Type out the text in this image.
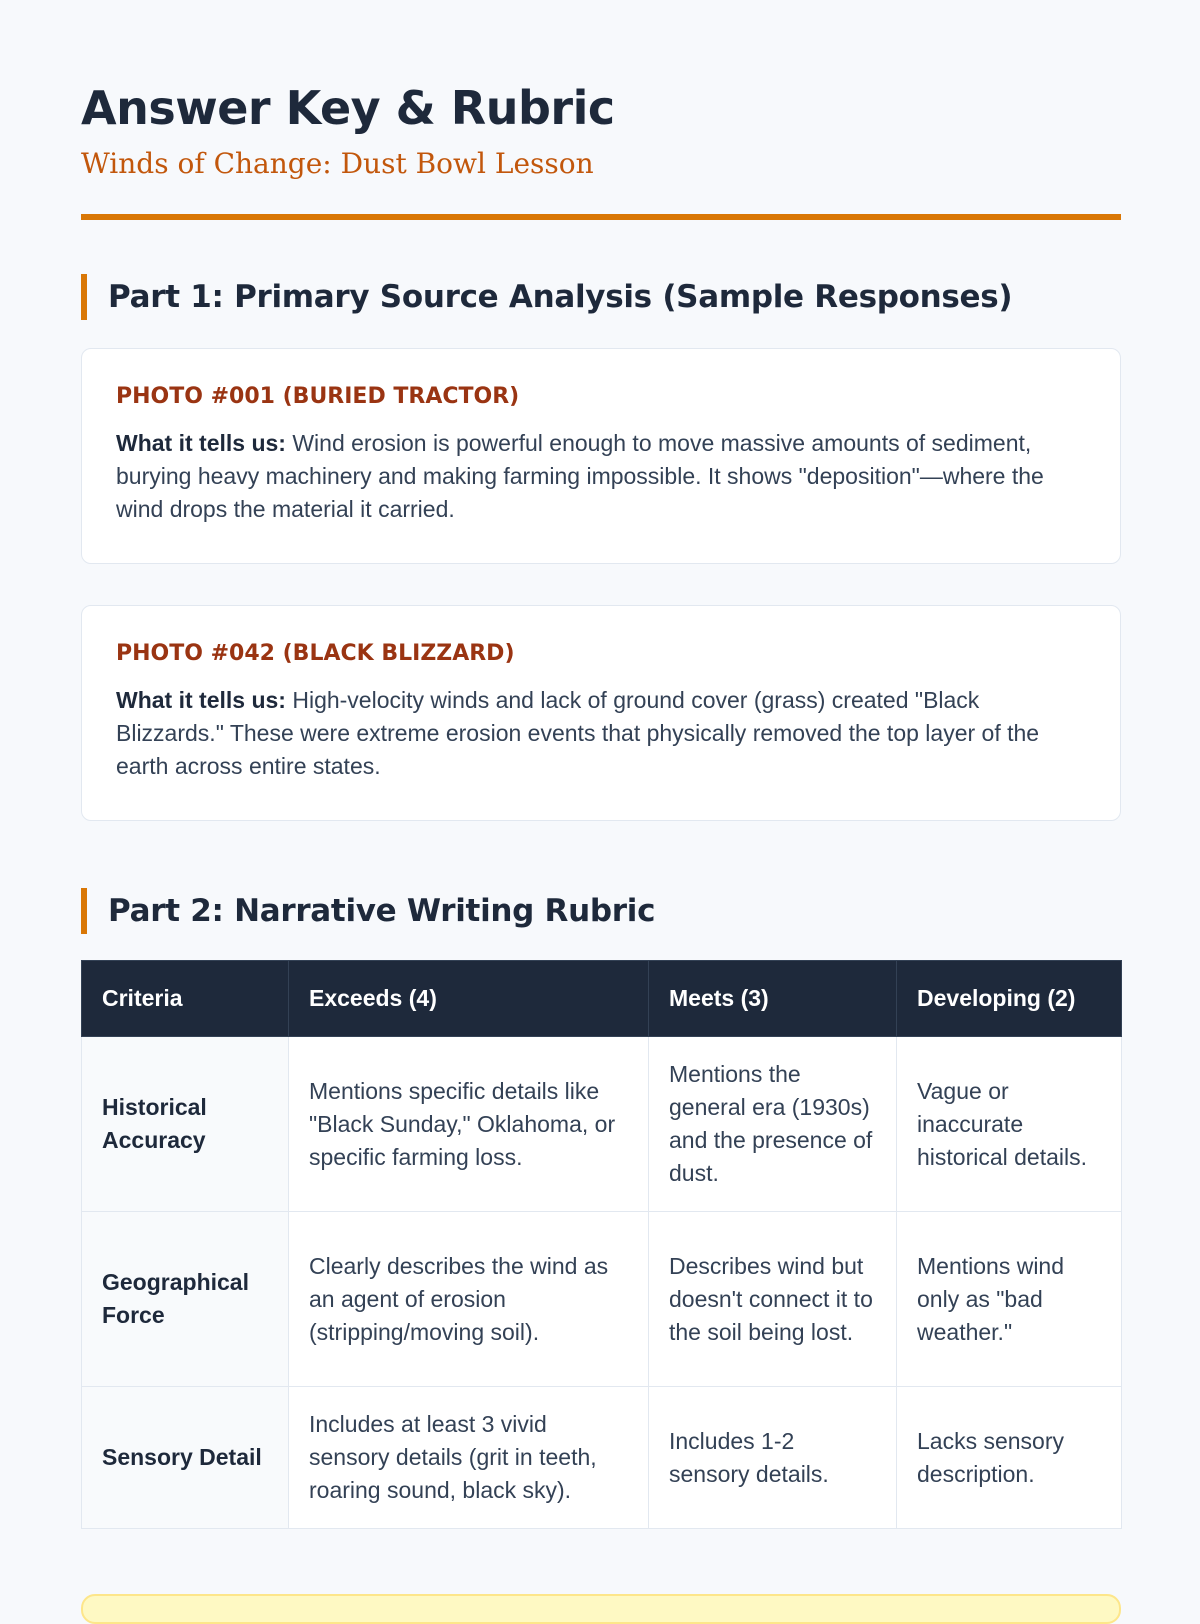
Answer Key & Rubric

Winds of Change: Dust Bowl Lesson

Part 1: Primary Source Analysis (Sample Responses)
PHOTO #001 (BURIED TRACTOR)

What it tells us: Wind erosion is powerful enough to move massive amounts of sediment, burying heavy machinery and making farming impossible. It shows "deposition"—where the wind drops the material it carried.

PHOTO #042 (BLACK BLIZZARD)

What it tells us: High-velocity winds and lack of ground cover (grass) created "Black Blizzards." These were extreme erosion events that physically removed the top layer of the earth across entire states.

Part 2: Narrative Writing Rubric
Criteria	Exceeds (4)	Meets (3)	Developing (2)
Historical Accuracy	Mentions specific details like "Black Sunday," Oklahoma, or specific farming loss.	Mentions the general era (1930s) and the presence of dust.	Vague or inaccurate historical details.
Geographical Force	Clearly describes the wind as an agent of erosion (stripping/moving soil).	Describes wind but doesn't connect it to the soil being lost.	Mentions wind only as "bad weather."
Sensory Detail	Includes at least 3 vivid sensory details (grit in teeth, roaring sound, black sky).	Includes 1-2 sensory details.	Lacks sensory description.
